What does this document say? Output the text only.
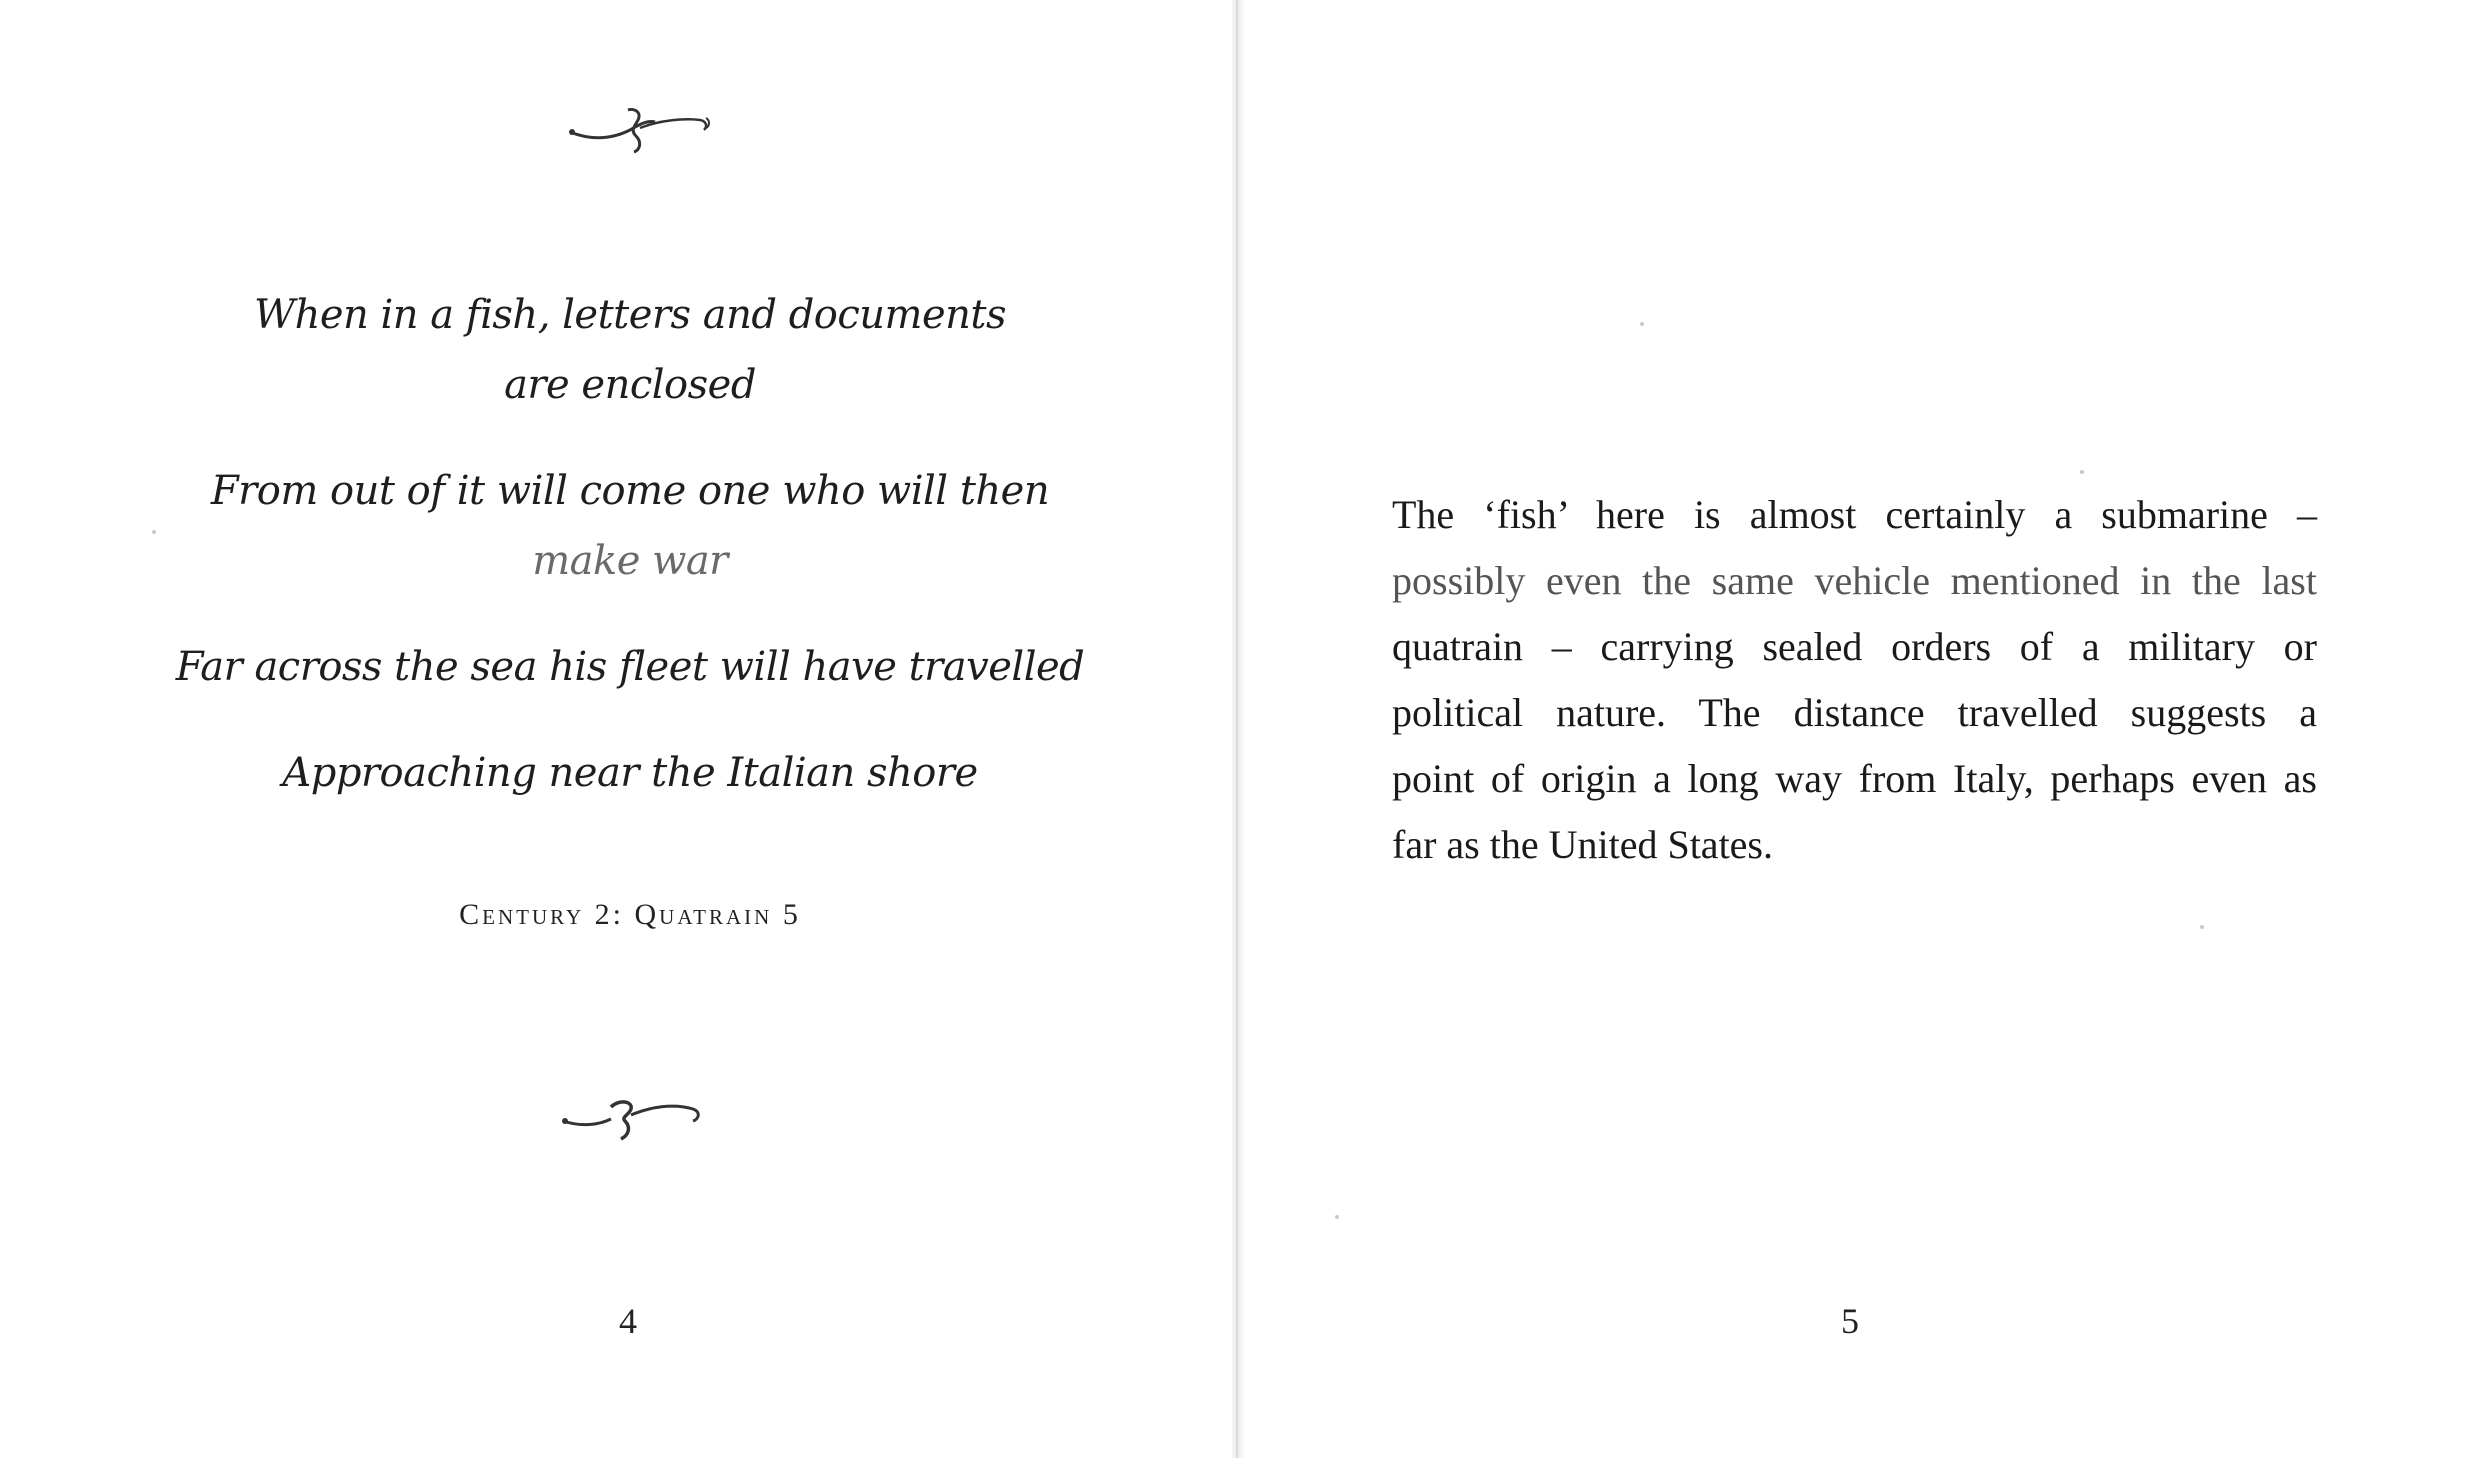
When in a fish, letters and documents
are enclosed
From out of it will come one who will then
make war
Far across the sea his fleet will have travelled
Approaching near the Italian shore
Century 2: Quatrain 5
4
The ‘fish’ here is almost certainly a submarine –
possibly even the same vehicle mentioned in the last
quatrain – carrying sealed orders of a military or
political nature. The distance travelled suggests a
point of origin a long way from Italy, perhaps even as
far as the United States.
5
